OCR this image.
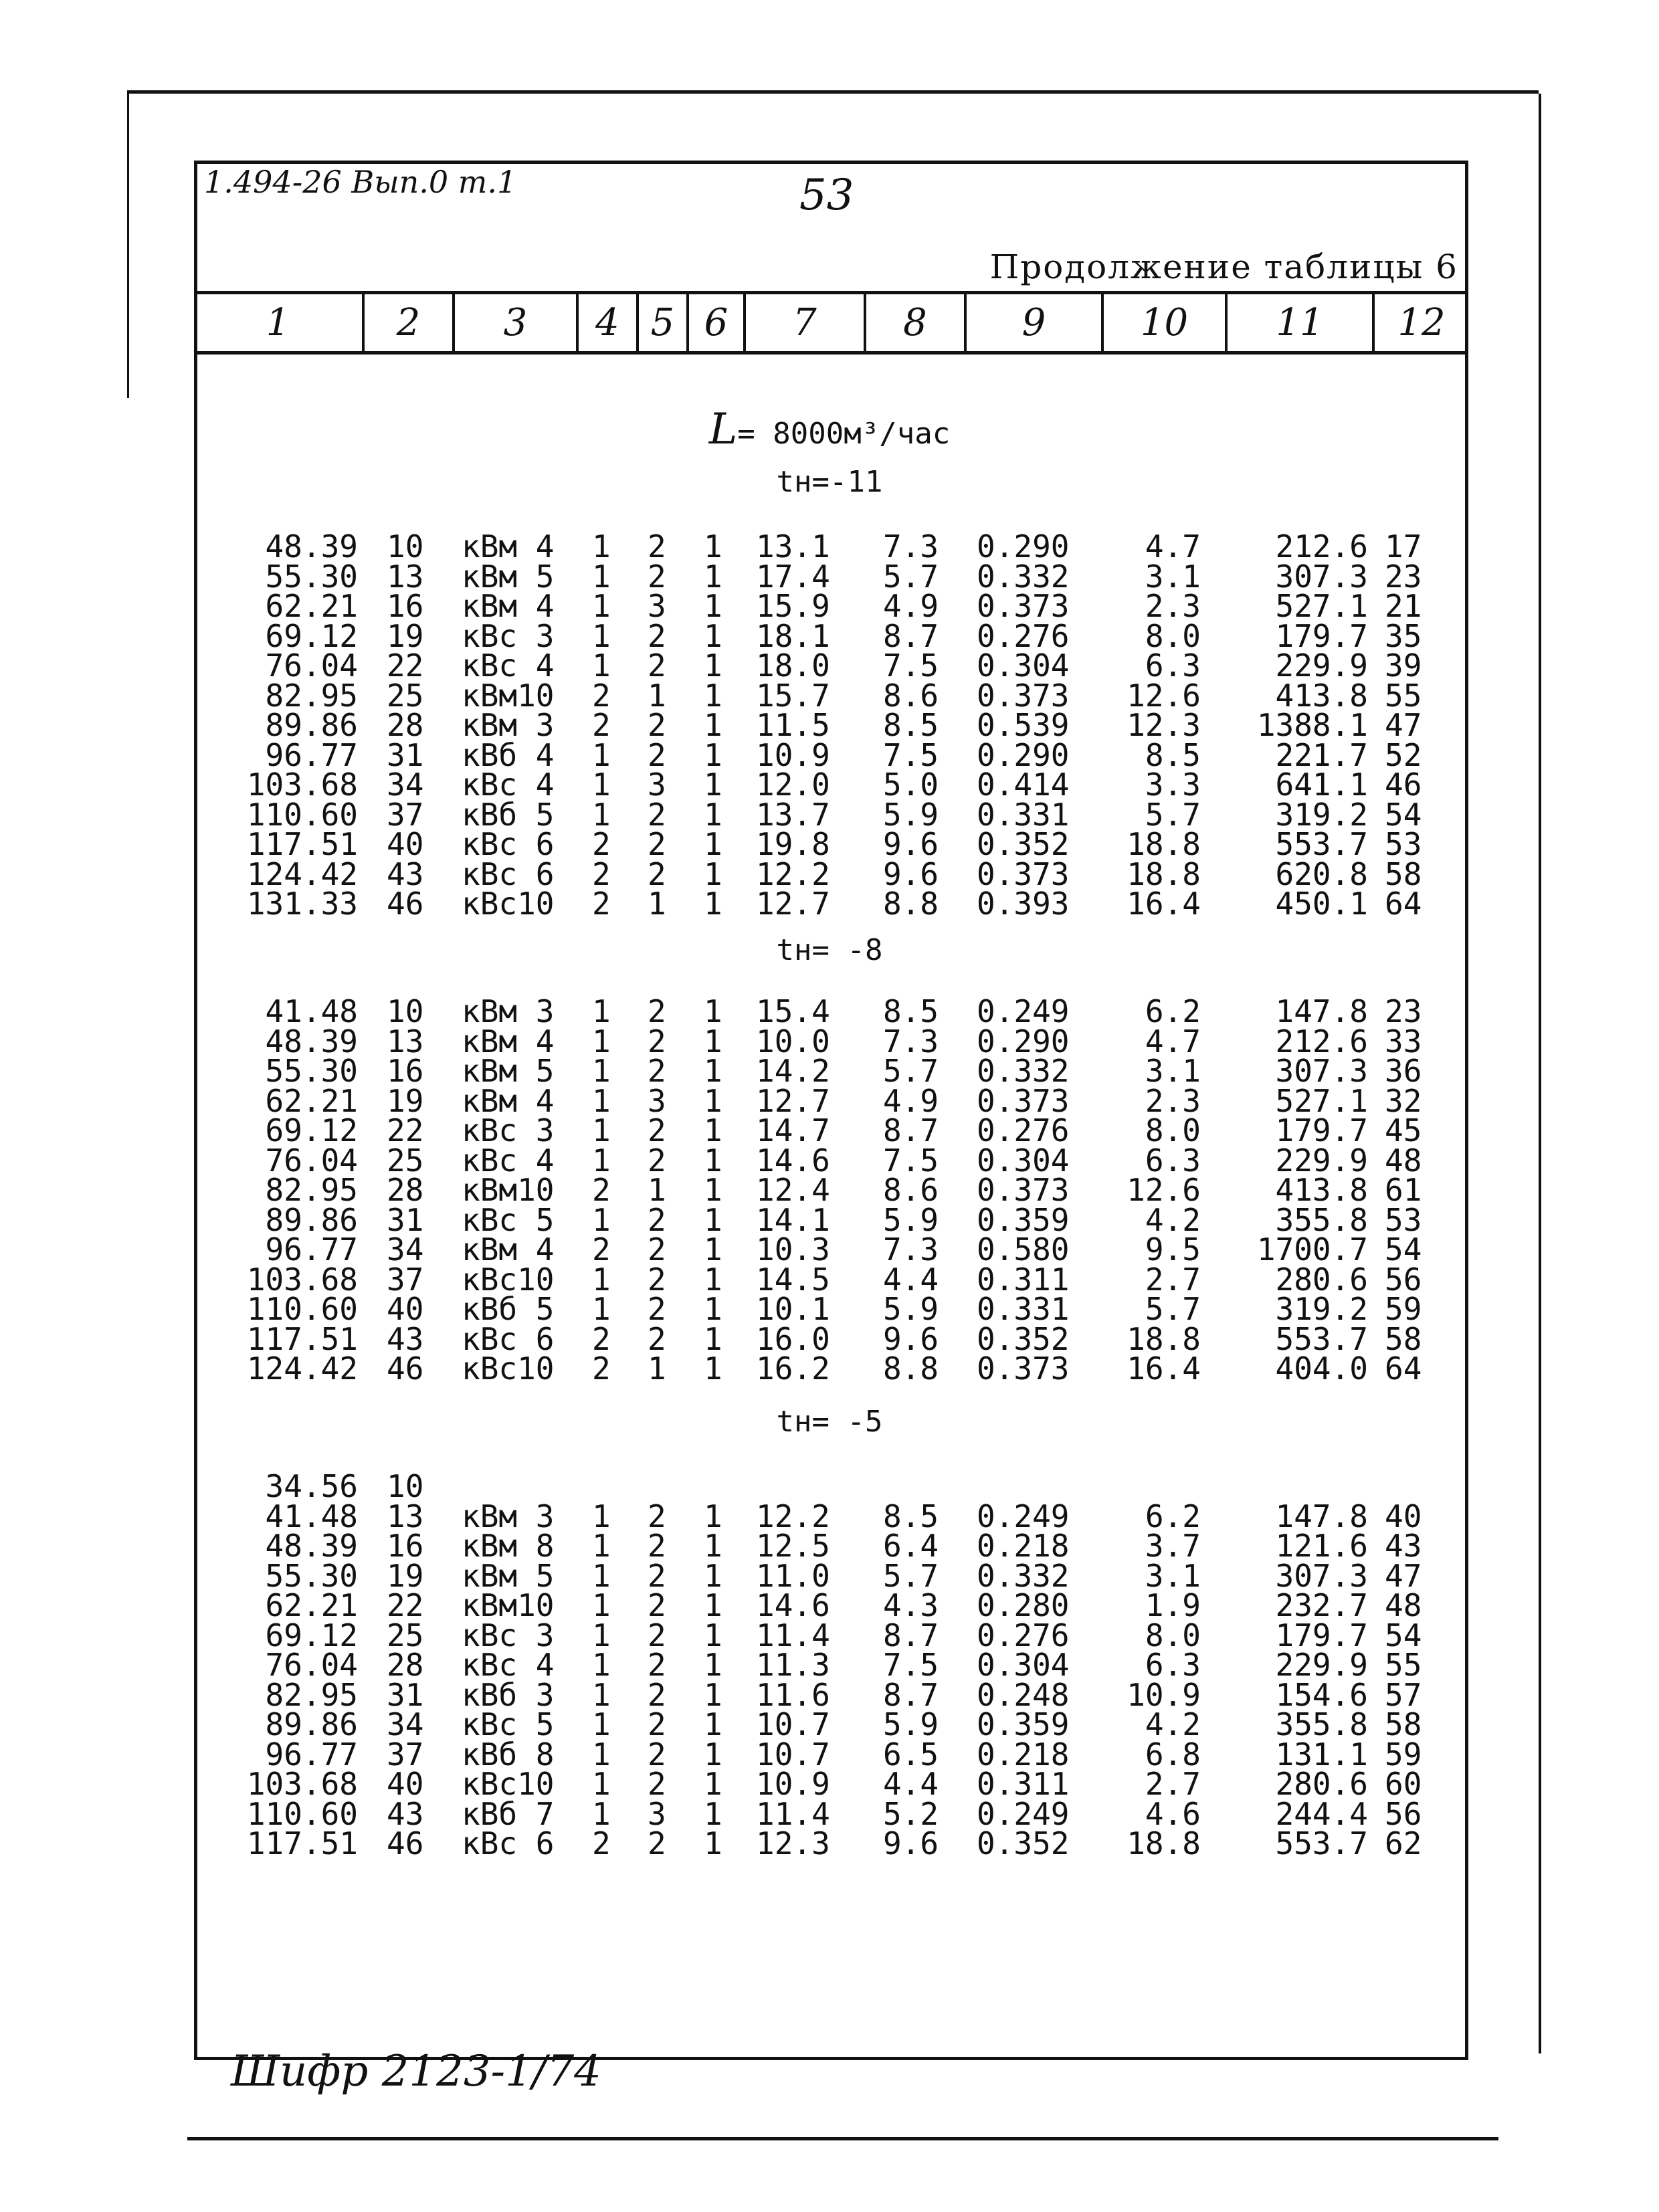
1.494-26 Вып.0 т.1	53
Продолжение таблицы 6
1	2	3	4 5 6	7	8	9	10	11	12
L= 8000м³/час
tн=-11
48.39 10 кВм 4 1 2 1 13.1 7.3 0.290 4.7 212.6 17
55.30 13 кВм 5 1 2 1 17.4 5.7 0.332 3.1 307.3 23
62.21 16 кВм 4 1 3 1 15.9 4.9 0.373 2.3 527.1 21
69.12 19 кВс 3 1 2 1 18.1 8.7 0.276 8.0 179.7 35
76.04 22 кВс 4 1 2 1 18.0 7.5 0.304 6.3 229.9 39
82.95 25 кВм10 2 1 1 15.7 8.6 0.373 12.6 413.8 55
89.86 28 кВм 3 2 2 1 11.5 8.5 0.539 12.3 1388.1 47
96.77 31 кВб 4 1 2 1 10.9 7.5 0.290 8.5 221.7 52
103.68 34 кВс 4 1 3 1 12.0 5.0 0.414 3.3 641.1 46
110.60 37 кВб 5 1 2 1 13.7 5.9 0.331 5.7 319.2 54
117.51 40 кВс 6 2 2 1 19.8 9.6 0.352 18.8 553.7 53
124.42 43 кВс 6 2 2 1 12.2 9.6 0.373 18.8 620.8 58
131.33 46 кВс10 2 1 1 12.7 8.8 0.393 16.4 450.1 64
tн= -8
41.48 10 кВм 3 1 2 1 15.4 8.5 0.249 6.2 147.8 23
48.39 13 кВм 4 1 2 1 10.0 7.3 0.290 4.7 212.6 33
55.30 16 кВм 5 1 2 1 14.2 5.7 0.332 3.1 307.3 36
62.21 19 кВм 4 1 3 1 12.7 4.9 0.373 2.3 527.1 32
69.12 22 кВс 3 1 2 1 14.7 8.7 0.276 8.0 179.7 45
76.04 25 кВс 4 1 2 1 14.6 7.5 0.304 6.3 229.9 48
82.95 28 кВм10 2 1 1 12.4 8.6 0.373 12.6 413.8 61
89.86 31 кВс 5 1 2 1 14.1 5.9 0.359 4.2 355.8 53
96.77 34 кВм 4 2 2 1 10.3 7.3 0.580 9.5 1700.7 54
103.68 37 кВс10 1 2 1 14.5 4.4 0.311 2.7 280.6 56
110.60 40 кВб 5 1 2 1 10.1 5.9 0.331 5.7 319.2 59
117.51 43 кВс 6 2 2 1 16.0 9.6 0.352 18.8 553.7 58
124.42 46 кВс10 2 1 1 16.2 8.8 0.373 16.4 404.0 64
tн= -5
34.56 10
41.48 13 кВм 3 1 2 1 12.2 8.5 0.249 6.2 147.8 40
48.39 16 кВм 8 1 2 1 12.5 6.4 0.218 3.7 121.6 43
55.30 19 кВм 5 1 2 1 11.0 5.7 0.332 3.1 307.3 47
62.21 22 кВм10 1 2 1 14.6 4.3 0.280 1.9 232.7 48
69.12 25 кВс 3 1 2 1 11.4 8.7 0.276 8.0 179.7 54
76.04 28 кВс 4 1 2 1 11.3 7.5 0.304 6.3 229.9 55
82.95 31 кВб 3 1 2 1 11.6 8.7 0.248 10.9 154.6 57
89.86 34 кВс 5 1 2 1 10.7 5.9 0.359 4.2 355.8 58
96.77 37 кВб 8 1 2 1 10.7 6.5 0.218 6.8 131.1 59
103.68 40 кВс10 1 2 1 10.9 4.4 0.311 2.7 280.6 60
110.60 43 кВб 7 1 3 1 11.4 5.2 0.249 4.6 244.4 56
117.51 46 кВс 6 2 2 1 12.3 9.6 0.352 18.8 553.7 62
Шифр 2123-1/74
